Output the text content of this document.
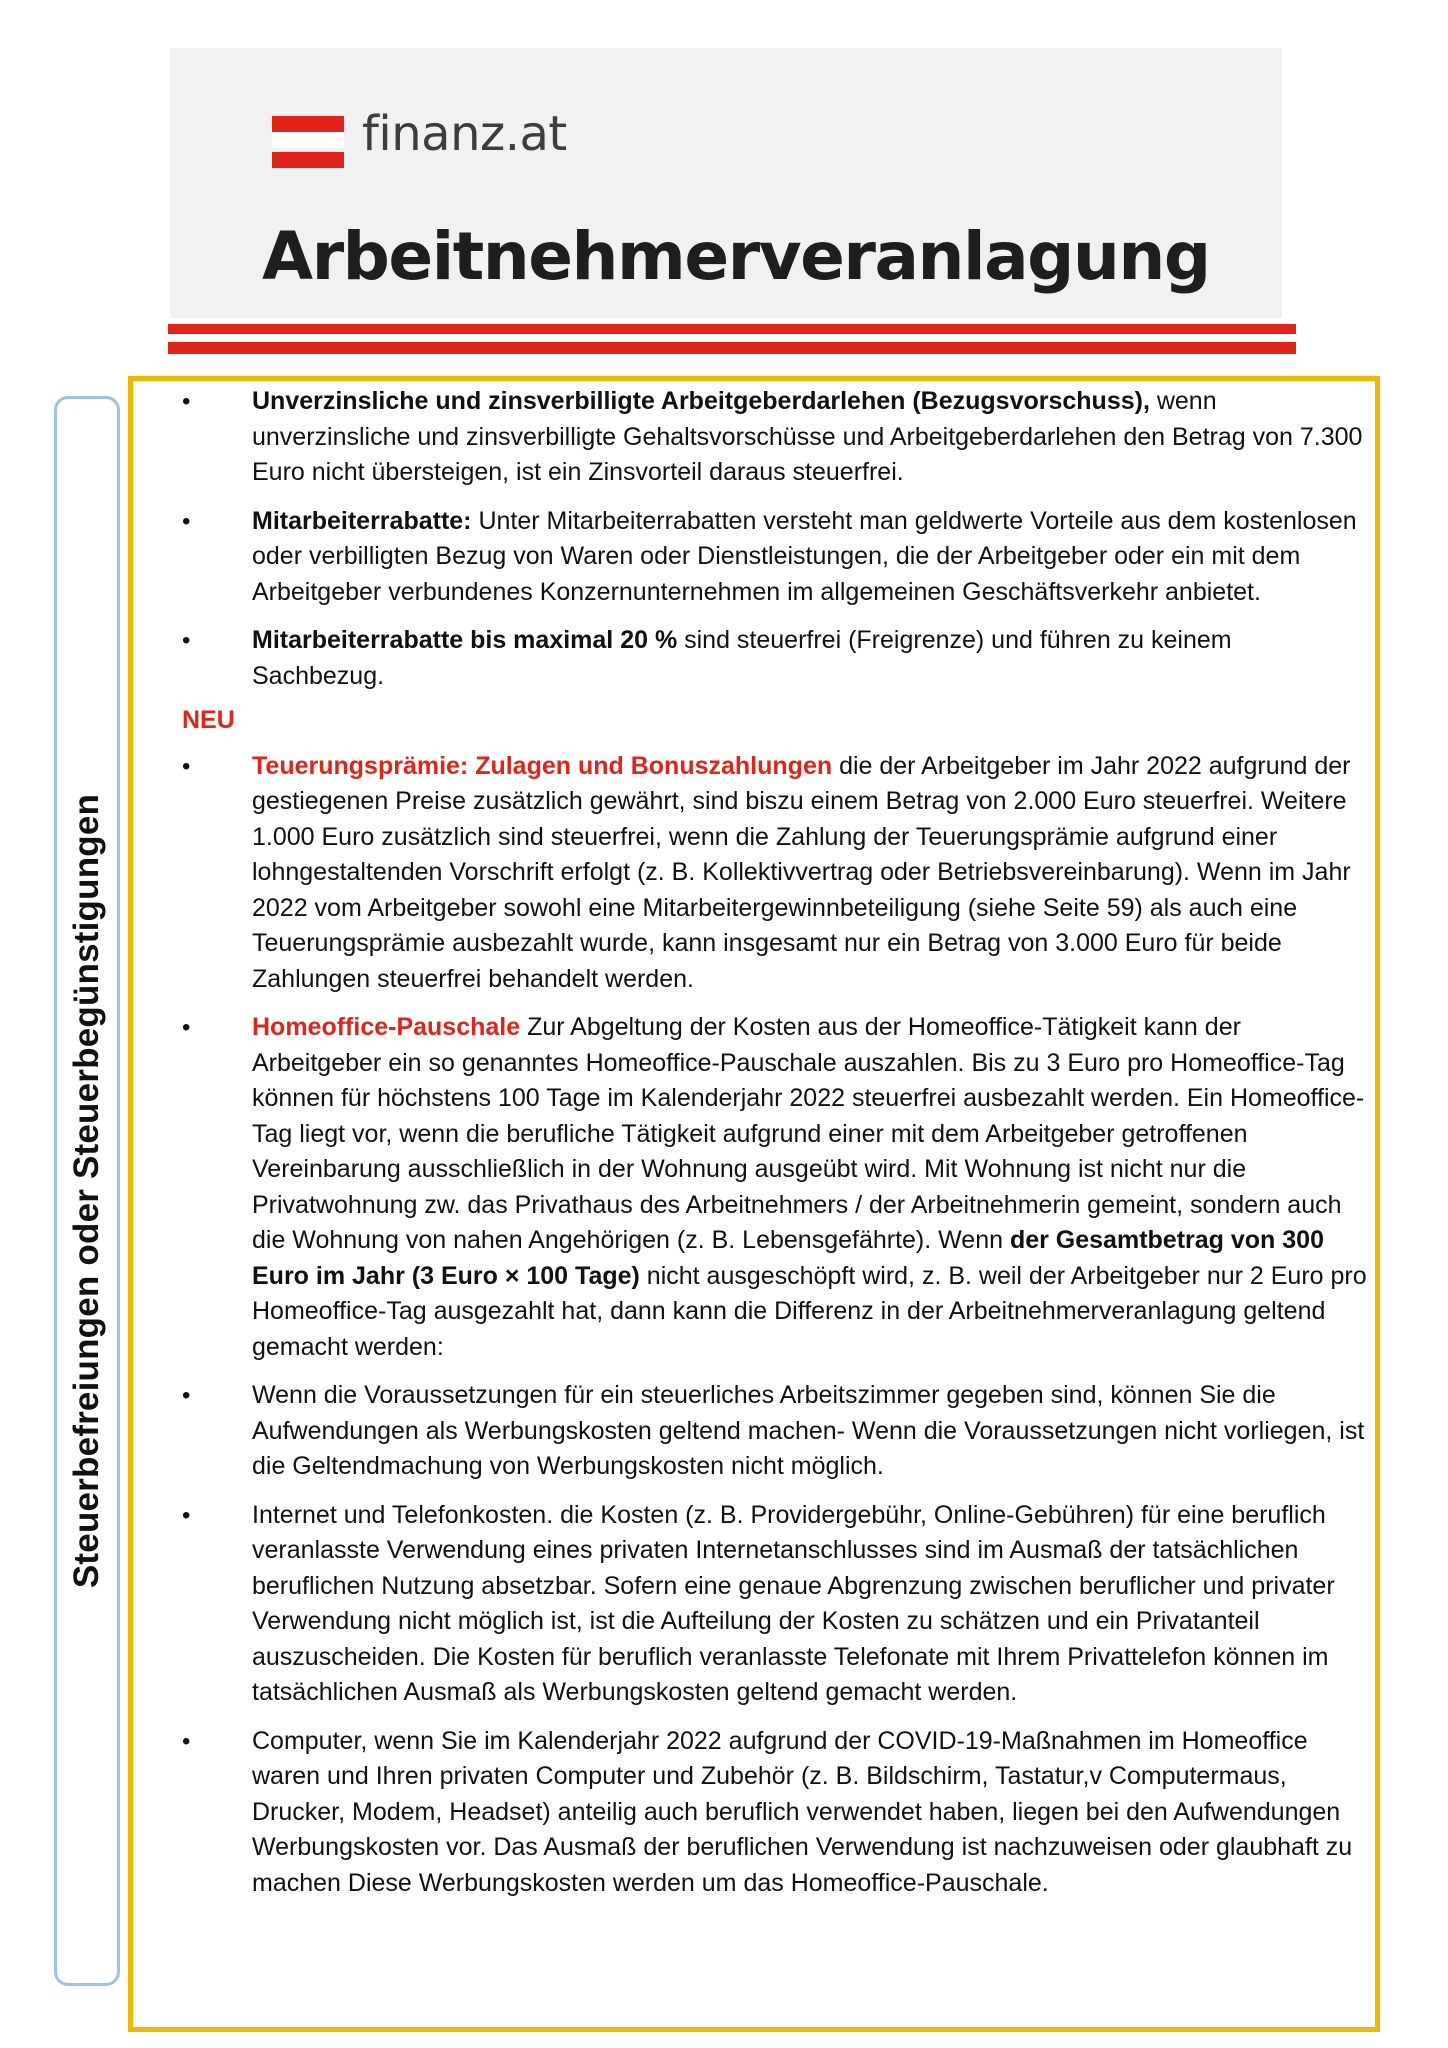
finanz.at
Arbeitnehmerveranlagung
Steuerbefreiungen oder Steuerbegünstigungen
• Unverzinsliche und zinsverbilligte Arbeitgeberdarlehen (Bezugsvorschuss), wenn unverzinsliche und zinsverbilligte Gehaltsvorschüsse und Arbeitgeberdarlehen den Betrag von 7.300 Euro nicht übersteigen, ist ein Zinsvorteil daraus steuerfrei.
• Mitarbeiterrabatte: Unter Mitarbeiterrabatten versteht man geldwerte Vorteile aus dem kostenlosen oder verbilligten Bezug von Waren oder Dienstleistungen, die der Arbeitgeber oder ein mit dem Arbeitgeber verbundenes Konzernunternehmen im allgemeinen Geschäftsverkehr anbietet.
• Mitarbeiterrabatte bis maximal 20 % sind steuerfrei (Freigrenze) und führen zu keinem Sachbezug.
NEU
• Teuerungsprämie: Zulagen und Bonuszahlungen die der Arbeitgeber im Jahr 2022 aufgrund der gestiegenen Preise zusätzlich gewährt, sind biszu einem Betrag von 2.000 Euro steuerfrei. Weitere 1.000 Euro zusätzlich sind steuerfrei, wenn die Zahlung der Teuerungsprämie aufgrund einer lohngestaltenden Vorschrift erfolgt (z. B. Kollektivvertrag oder Betriebsvereinbarung). Wenn im Jahr 2022 vom Arbeitgeber sowohl eine Mitarbeitergewinnbeteiligung (siehe Seite 59) als auch eine Teuerungsprämie ausbezahlt wurde, kann insgesamt nur ein Betrag von 3.000 Euro für beide Zahlungen steuerfrei behandelt werden.
• Homeoffice-Pauschale Zur Abgeltung der Kosten aus der Homeoffice-Tätigkeit kann der Arbeitgeber ein so genanntes Homeoffice-Pauschale auszahlen. Bis zu 3 Euro pro Homeoffice-Tag können für höchstens 100 Tage im Kalenderjahr 2022 steuerfrei ausbezahlt werden. Ein Homeoffice-Tag liegt vor, wenn die berufliche Tätigkeit aufgrund einer mit dem Arbeitgeber getroffenen Vereinbarung ausschließlich in der Wohnung ausgeübt wird. Mit Wohnung ist nicht nur die Privatwohnung zw. das Privathaus des Arbeitnehmers / der Arbeitnehmerin gemeint, sondern auch die Wohnung von nahen Angehörigen (z. B. Lebensgefährte). Wenn der Gesamtbetrag von 300 Euro im Jahr (3 Euro × 100 Tage) nicht ausgeschöpft wird, z. B. weil der Arbeitgeber nur 2 Euro pro Homeoffice-Tag ausgezahlt hat, dann kann die Differenz in der Arbeitnehmerveranlagung geltend gemacht werden:
• Wenn die Voraussetzungen für ein steuerliches Arbeitszimmer gegeben sind, können Sie die Aufwendungen als Werbungskosten geltend machen- Wenn die Voraussetzungen nicht vorliegen, ist die Geltendmachung von Werbungskosten nicht möglich.
• Internet und Telefonkosten. die Kosten (z. B. Providergebühr, Online-Gebühren) für eine beruflich veranlasste Verwendung eines privaten Internetanschlusses sind im Ausmaß der tatsächlichen beruflichen Nutzung absetzbar. Sofern eine genaue Abgrenzung zwischen beruflicher und privater Verwendung nicht möglich ist, ist die Aufteilung der Kosten zu schätzen und ein Privatanteil auszuscheiden. Die Kosten für beruflich veranlasste Telefonate mit Ihrem Privattelefon können im tatsächlichen Ausmaß als Werbungskosten geltend gemacht werden.
• Computer, wenn Sie im Kalenderjahr 2022 aufgrund der COVID-19-Maßnahmen im Homeoffice waren und Ihren privaten Computer und Zubehör (z. B. Bildschirm, Tastatur,v Computermaus, Drucker, Modem, Headset) anteilig auch beruflich verwendet haben, liegen bei den Aufwendungen Werbungskosten vor. Das Ausmaß der beruflichen Verwendung ist nachzuweisen oder glaubhaft zu machen Diese Werbungskosten werden um das Homeoffice-Pauschale.
